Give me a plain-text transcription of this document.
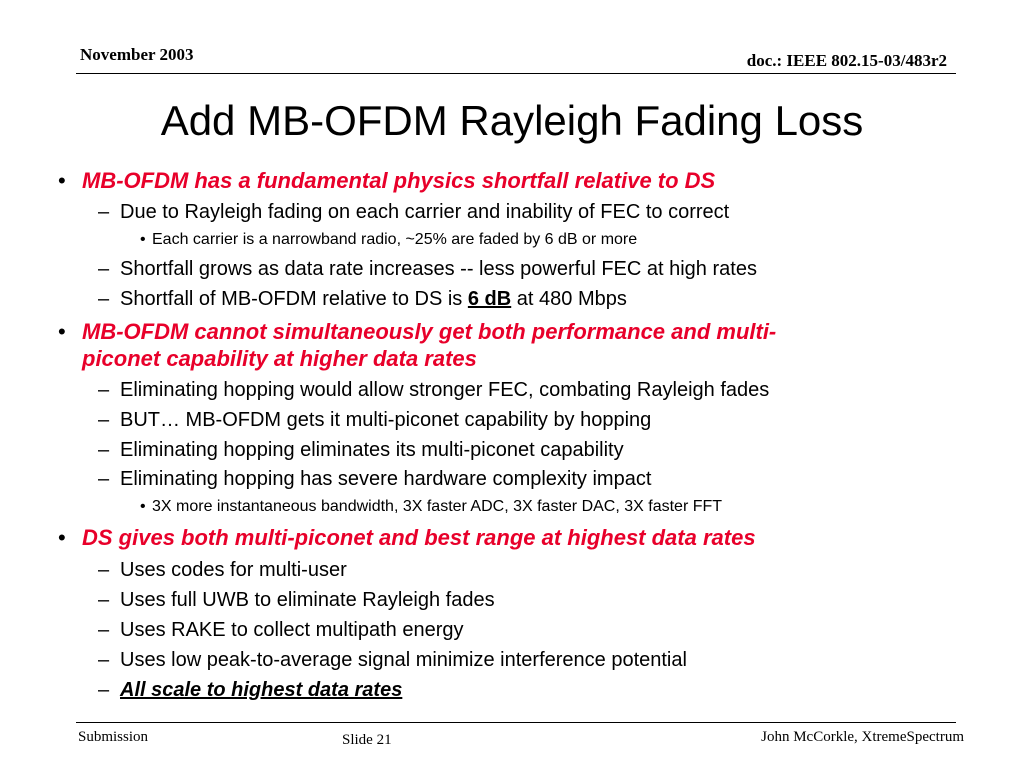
November 2003	doc.: IEEE 802.15-03/483r2
Add MB-OFDM Rayleigh Fading Loss
• MB-OFDM has a fundamental physics shortfall relative to DS
– Due to Rayleigh fading on each carrier and inability of FEC to correct
• Each carrier is a narrowband radio, ~25% are faded by 6 dB or more
– Shortfall grows as data rate increases -- less powerful FEC at high rates
– Shortfall of MB-OFDM relative to DS is 6 dB at 480 Mbps
• MB-OFDM cannot simultaneously get both performance and multi-
piconet capability at higher data rates
– Eliminating hopping would allow stronger FEC, combating Rayleigh fades
– BUT… MB-OFDM gets it multi-piconet capability by hopping
– Eliminating hopping eliminates its multi-piconet capability
– Eliminating hopping has severe hardware complexity impact
• 3X more instantaneous bandwidth, 3X faster ADC, 3X faster DAC, 3X faster FFT
• DS gives both multi-piconet and best range at highest data rates
– Uses codes for multi-user
– Uses full UWB to eliminate Rayleigh fades
– Uses RAKE to collect multipath energy
– Uses low peak-to-average signal minimize interference potential
– All scale to highest data rates
Submission	Slide 21	John McCorkle, XtremeSpectrum
